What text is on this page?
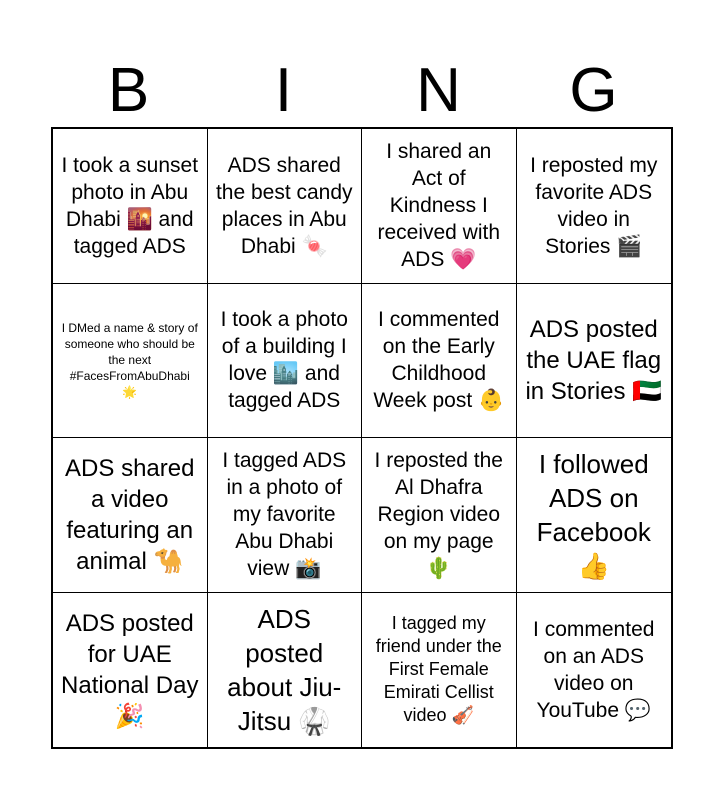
B	I	N	G
I took a sunset photo in Abu Dhabi 🌇 and tagged ADS
ADS shared the best candy places in Abu Dhabi 🍬
I shared an Act of Kindness I received with ADS 💗
I reposted my favorite ADS video in Stories 🎬
I DMed a name & story of someone who should be the next #FacesFromAbuDhabi 🌟
I took a photo of a building I love 🏙️ and tagged ADS
I commented on the Early Childhood Week post 👶
ADS posted the UAE flag in Stories 🇦🇪
ADS shared a video featuring an animal 🐪
I tagged ADS in a photo of my favorite Abu Dhabi view 📸
I reposted the Al Dhafra Region video on my page 🌵
I followed ADS on Facebook 👍
ADS posted for UAE National Day 🎉
ADS posted about Jiu-Jitsu 🥋
I tagged my friend under the First Female Emirati Cellist video 🎻
I commented on an ADS video on YouTube 💬
